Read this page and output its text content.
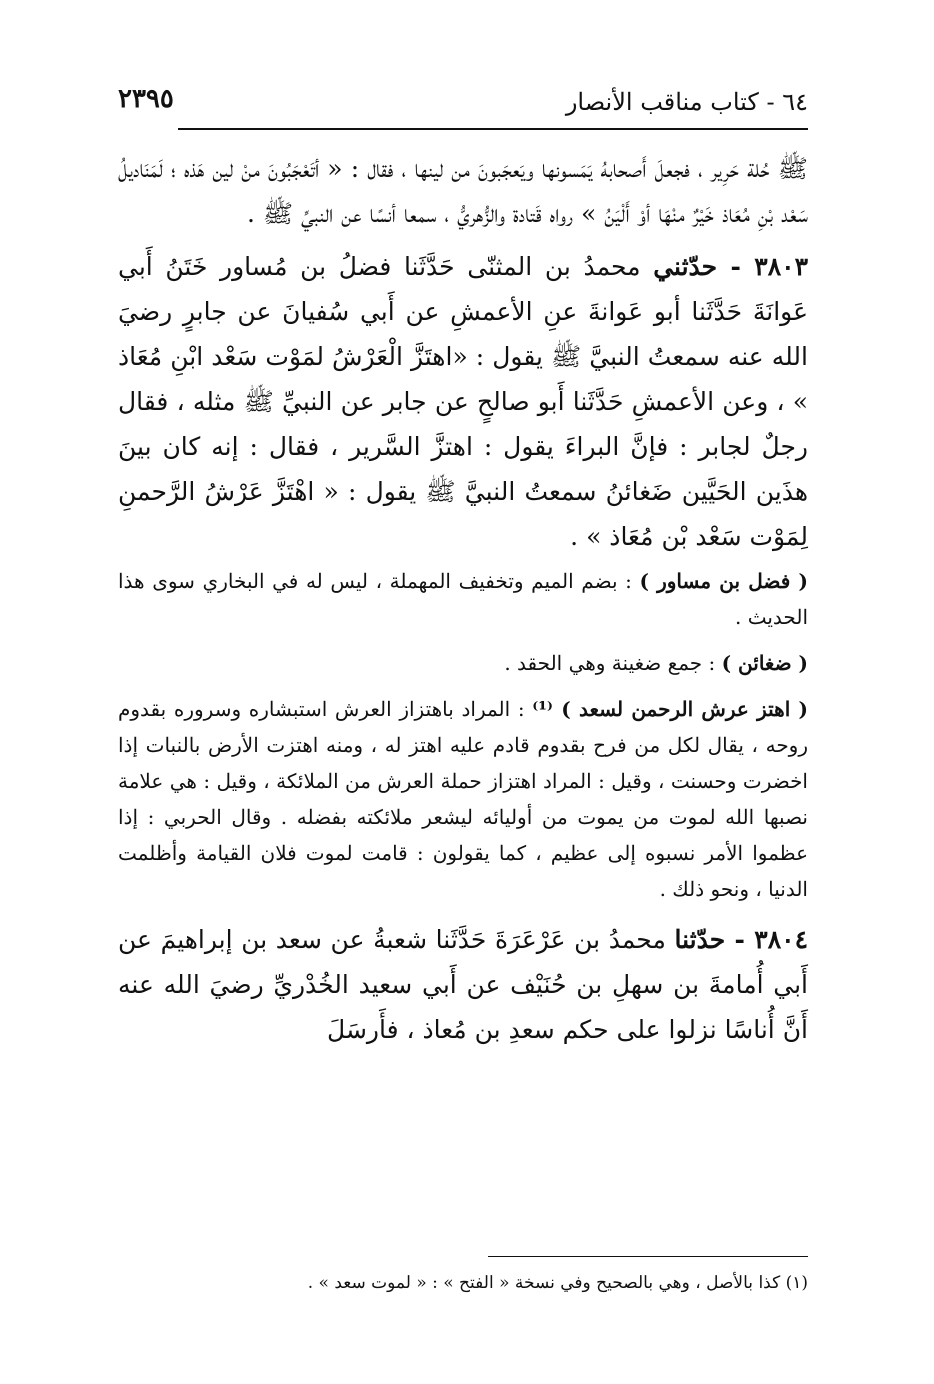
٢٣٩٥	٦٤ - كتاب مناقب الأنصار

ﷺ حُلة حَرِير ، فجعلَ أَصحابهُ يَمَسونها ويَعجَبونَ من لينها ، فقال : « أتَعْجَبُونَ منْ لين هَذه ؛ لَمَنَاديلُ سَعْد بْنِ مُعَاذ خَيْرٌ منْهَا أوْ أَلْيَنُ » رواه قَتادة والزُّهريُّ ، سمعا أنسًا عن النبيِّ ﷺ .

٣٨٠٣ - حدّثني محمدُ بن المثنّى حَدَّثَنا فضلُ بن مُساور خَتَنُ أَبي عَوانَةَ حَدَّثَنا أبو عَوانةَ عنِ الأعمشِ عن أَبي سُفيانَ عن جابرٍ رضيَ الله عنه سمعتُ النبيَّ ﷺ يقول : «اهتَزَّ الْعَرْشُ لمَوْت سَعْد ابْنِ مُعَاذ » ، وعن الأعمشِ حَدَّثَنا أَبو صالحٍ عن جابر عن النبيِّ ﷺ مثله ، فقال رجلٌ لجابر : فإنَّ البراءَ يقول : اهتزَّ السَّرير ، فقال : إنه كان بينَ هذَين الحَيَّين ضَغائنُ سمعتُ النبيَّ ﷺ يقول : « اهْتَزَّ عَرْشُ الرَّحمنِ لِمَوْت سَعْد بْن مُعَاذ » .

( فضل بن مساور ) : بضم الميم وتخفيف المهملة ، ليس له في البخاري سوى هذا الحديث .

( ضغائن ) : جمع ضغينة وهي الحقد .

( اهتز عرش الرحمن لسعد ) ⁽¹⁾ : المراد باهتزاز العرش استبشاره وسروره بقدوم روحه ، يقال لكل من فرح بقدوم قادم عليه اهتز له ، ومنه اهتزت الأرض بالنبات إذا اخضرت وحسنت ، وقيل : المراد اهتزاز حملة العرش من الملائكة ، وقيل : هي علامة نصبها الله لموت من يموت من أوليائه ليشعر ملائكته بفضله . وقال الحربي : إذا عظموا الأمر نسبوه إلى عظيم ، كما يقولون : قامت لموت فلان القيامة وأظلمت الدنيا ، ونحو ذلك .

٣٨٠٤ - حدّثنا محمدُ بن عَرْعَرَةَ حَدَّثَنا شعبةُ عن سعد بن إبراهيمَ عن أَبي أُمامةَ بن سهلِ بن حُنَيْف عن أَبي سعيد الخُدْريِّ رضيَ الله عنه أَنَّ أُناسًا نزلوا على حكم سعدِ بن مُعاذ ، فأَرسَلَ

(١) كذا بالأصل ، وهي بالصحيح وفي نسخة « الفتح » : « لموت سعد » .
